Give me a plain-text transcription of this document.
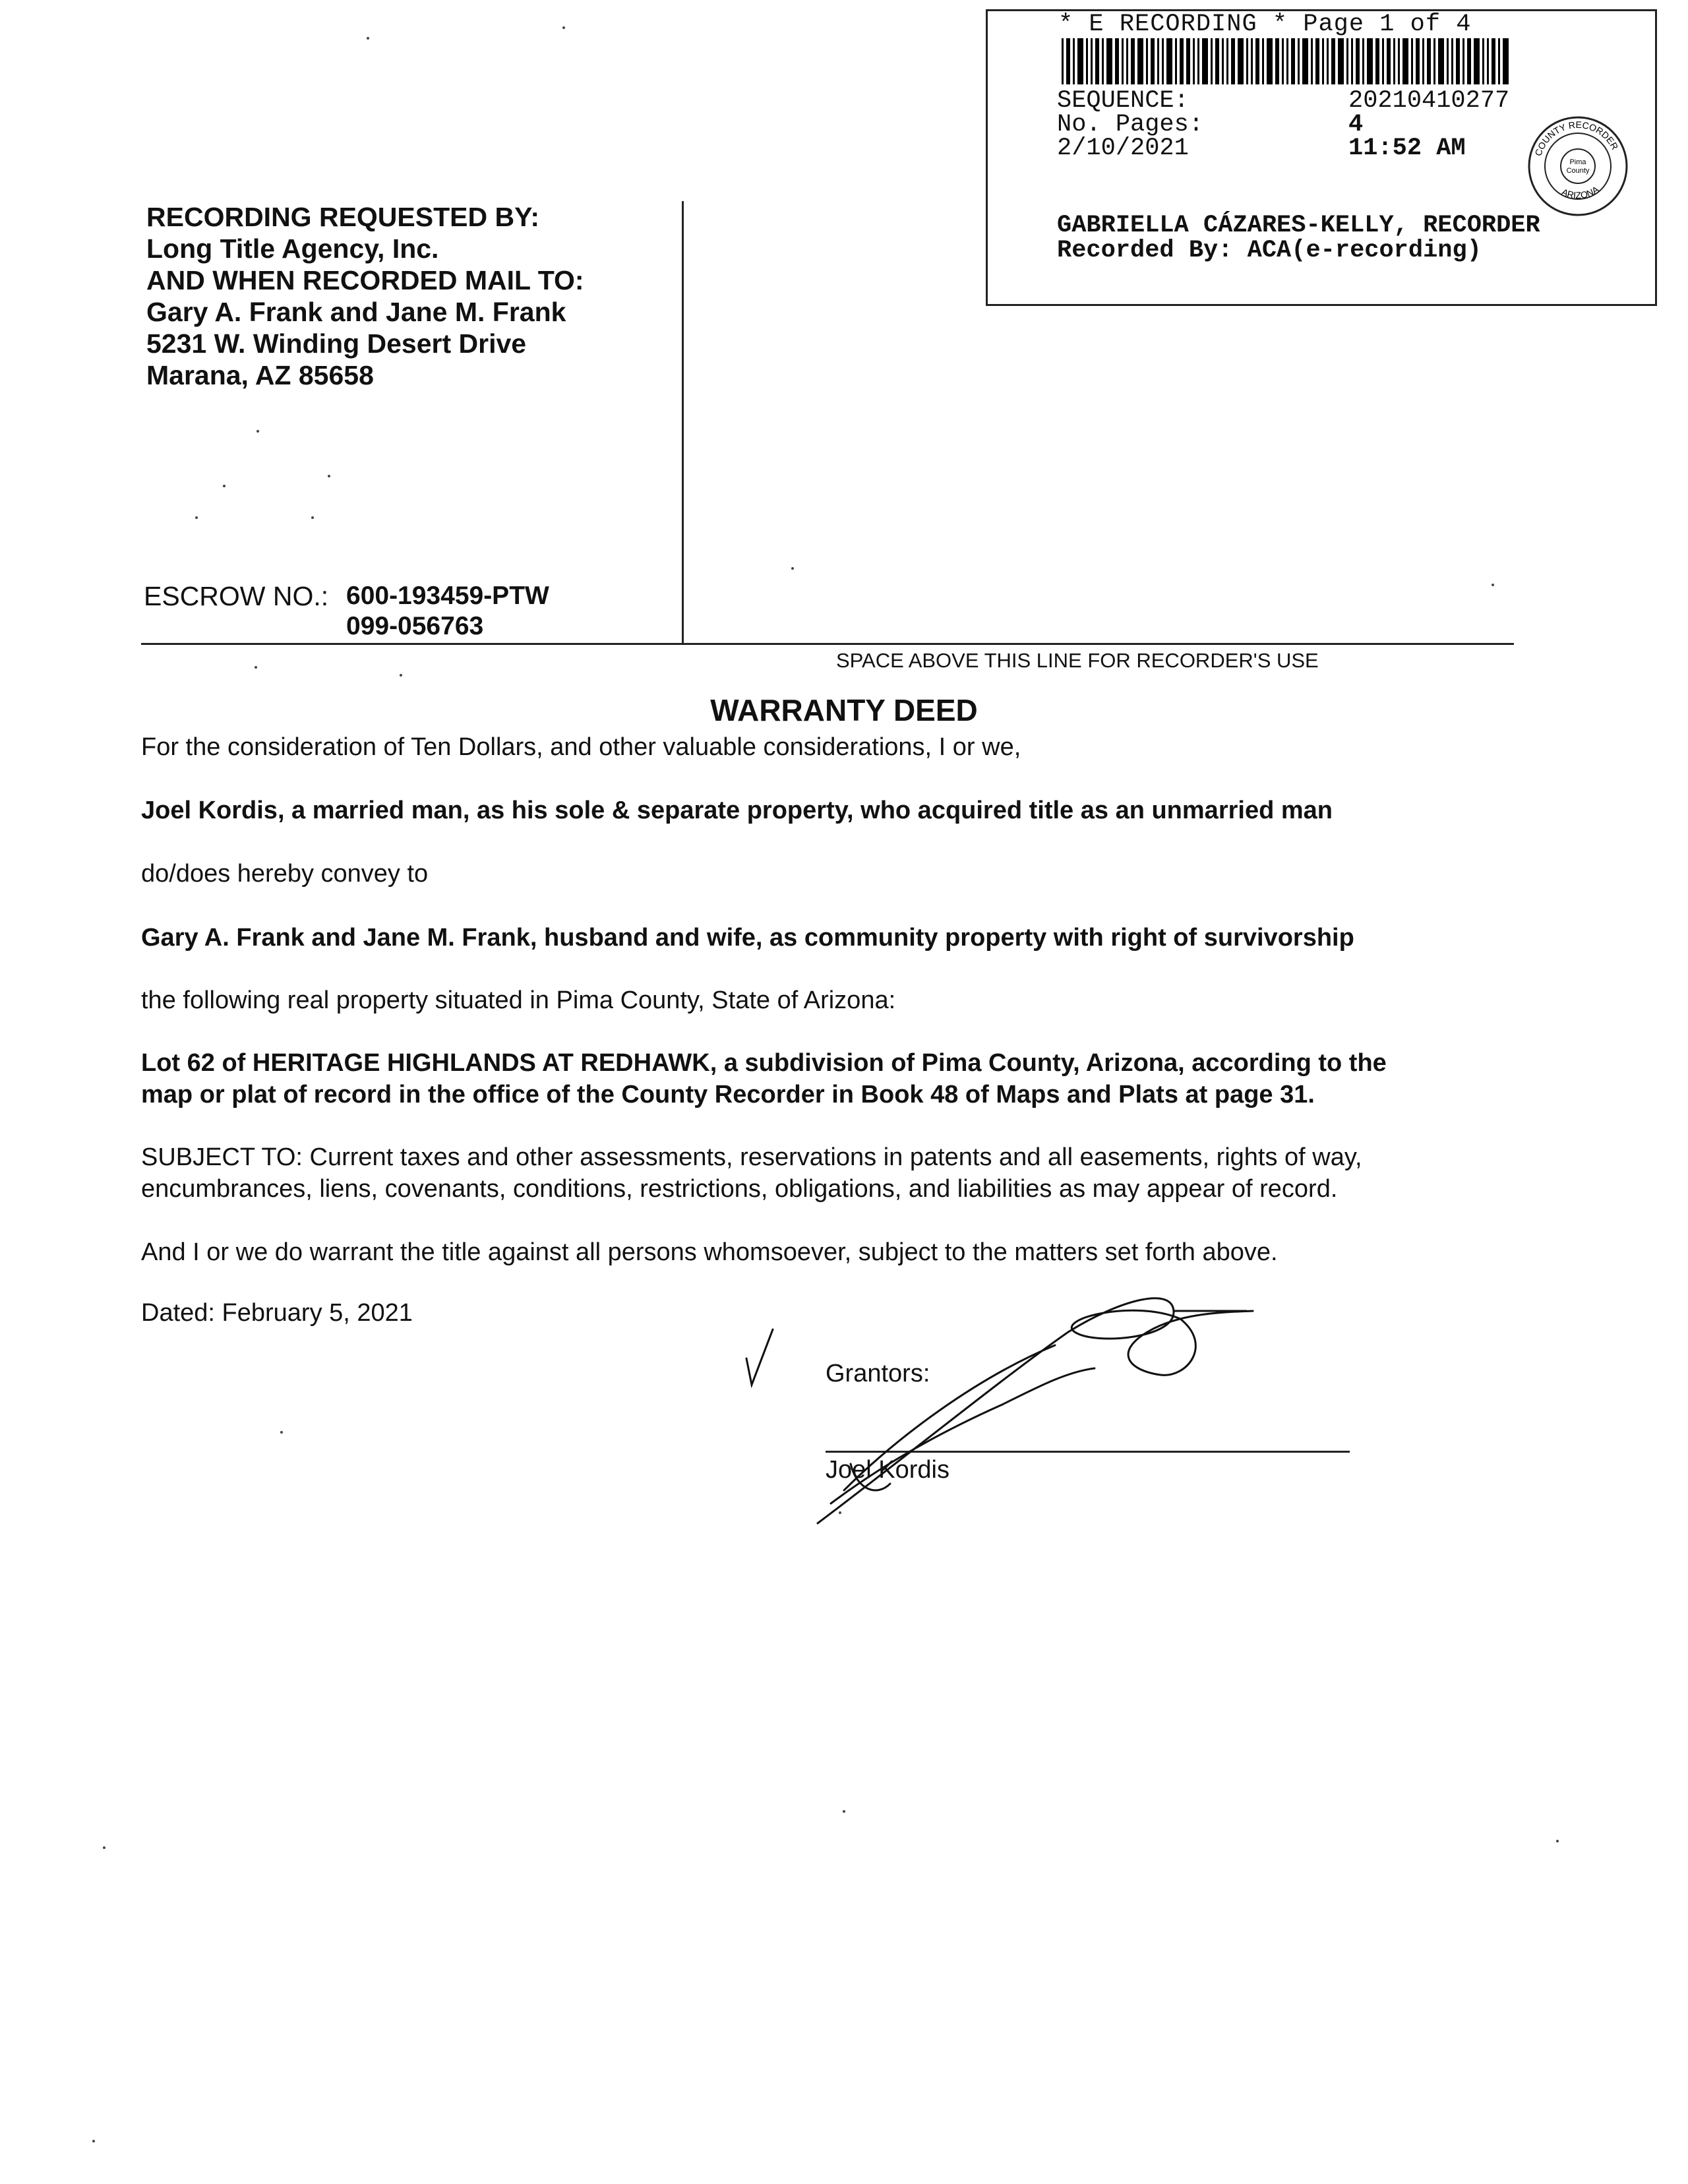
* E RECORDING * Page 1 of 4
SEQUENCE:	20210410277
No. Pages:	4
2/10/2021	11:52 AM
GABRIELLA CÁZARES-KELLY, RECORDER
Recorded By: ACA(e-recording)
Pima
County
COUNTY RECORDER
ARIZONA
RECORDING REQUESTED BY:
Long Title Agency, Inc.
AND WHEN RECORDED MAIL TO:
Gary A. Frank and Jane M. Frank
5231 W. Winding Desert Drive
Marana, AZ 85658
ESCROW NO.: 600-193459-PTW
099-056763
SPACE ABOVE THIS LINE FOR RECORDER'S USE
WARRANTY DEED
For the consideration of Ten Dollars, and other valuable considerations, I or we,
Joel Kordis, a married man, as his sole & separate property, who acquired title as an unmarried man
do/does hereby convey to
Gary A. Frank and Jane M. Frank, husband and wife, as community property with right of survivorship
the following real property situated in Pima County, State of Arizona:
Lot 62 of HERITAGE HIGHLANDS AT REDHAWK, a subdivision of Pima County, Arizona, according to the
map or plat of record in the office of the County Recorder in Book 48 of Maps and Plats at page 31.
SUBJECT TO: Current taxes and other assessments, reservations in patents and all easements, rights of way,
encumbrances, liens, covenants, conditions, restrictions, obligations, and liabilities as may appear of record.
And I or we do warrant the title against all persons whomsoever, subject to the matters set forth above.
Dated: February 5, 2021
Grantors:
Joel Kordis
